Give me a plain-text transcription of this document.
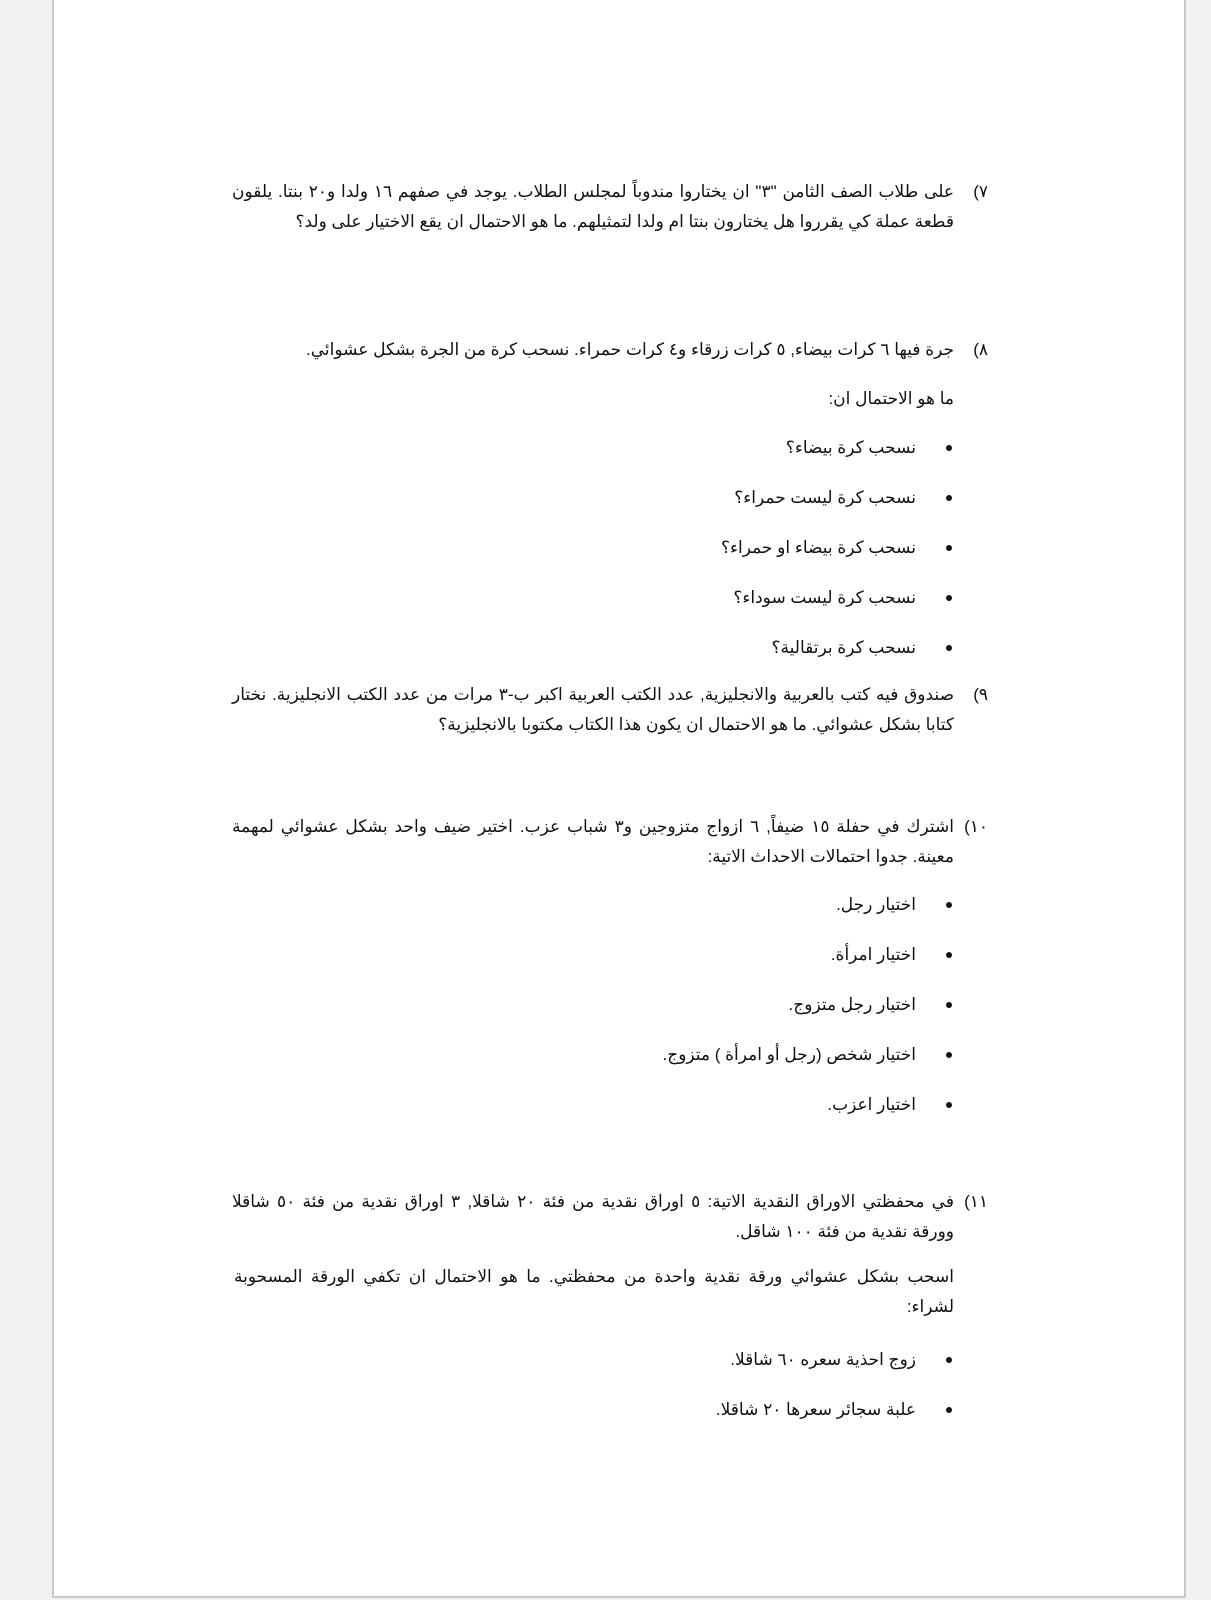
٧)
على طلاب الصف الثامن "٣" ان يختاروا مندوباً لمجلس الطلاب. يوجد في صفهم ١٦ ولدا و٢٠ بنتا. يلقون قطعة عملة كي يقرروا هل يختارون بنتا ام ولدا لتمثيلهم. ما هو الاحتمال ان يقع الاختيار على ولد؟
٨)
جرة فيها ٦ كرات بيضاء, ٥ كرات زرقاء و٤ كرات حمراء. نسحب كرة من الجرة بشكل عشوائي.
ما هو الاحتمال ان:
نسحب كرة بيضاء؟
نسحب كرة ليست حمراء؟
نسحب كرة بيضاء او حمراء؟
نسحب كرة ليست سوداء؟
نسحب كرة برتقالية؟
٩)
صندوق فيه كتب بالعربية والانجليزية, عدد الكتب العربية اكبر ب-٣ مرات من عدد الكتب الانجليزية. نختار كتابا بشكل عشوائي. ما هو الاحتمال ان يكون هذا الكتاب مكتوبا بالانجليزية؟
١٠)
اشترك في حفلة ١٥ ضيفاً, ٦ ازواج متزوجين و٣ شباب عزب. اختير ضيف واحد بشكل عشوائي لمهمة معينة. جدوا احتمالات الاحداث الاتية:
اختيار رجل.
اختيار امرأة.
اختيار رجل متزوج.
اختيار شخص (رجل أو امرأة ) متزوج.
اختيار اعزب.
١١)
في محفظتي الاوراق النقدية الاتية: ٥ اوراق نقدية من فئة ٢٠ شاقلا, ٣ اوراق نقدية من فئة ٥٠ شاقلا وورقة نقدية من فئة ١٠٠ شاقل.
اسحب بشكل عشوائي ورقة نقدية واحدة من محفظتي. ما هو الاحتمال ان تكفي الورقة المسحوبة لشراء:
زوج احذية سعره ٦٠ شاقلا.
علبة سجائر سعرها ٢٠ شاقلا.
